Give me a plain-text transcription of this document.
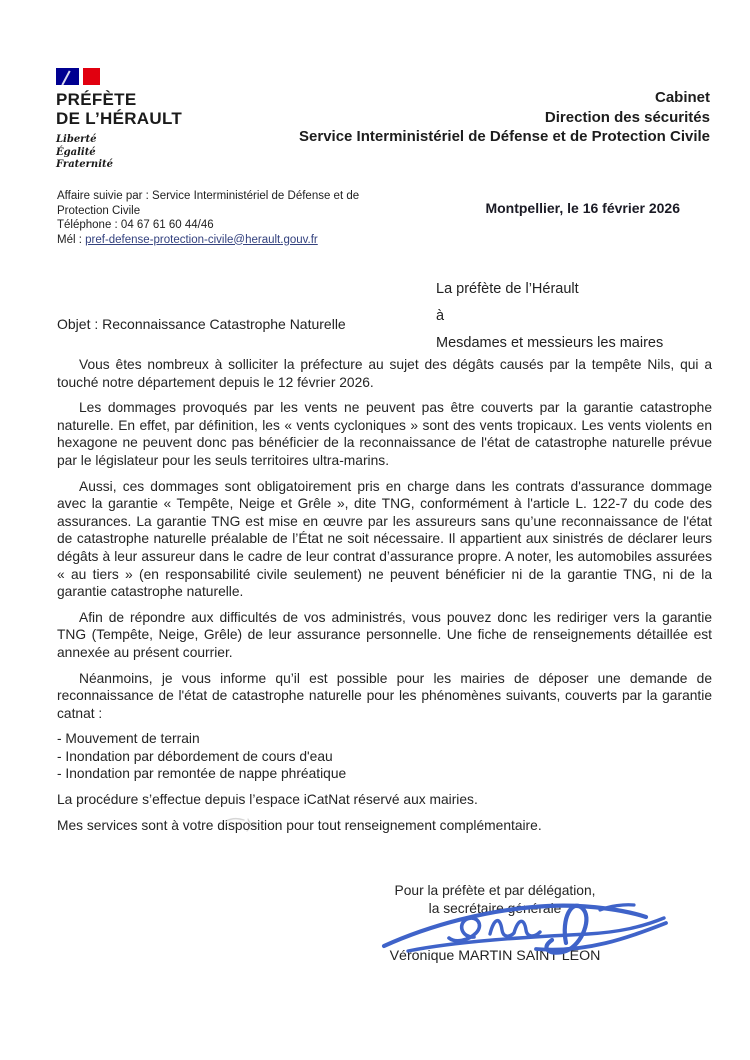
PRÉFÈTE
DE L’HÉRAULT
Liberté
Égalité
Fraternité
Cabinet
Direction des sécurités
Service Interministériel de Défense et de Protection Civile
Affaire suivie par : Service Interministériel de Défense et de Protection Civile
Téléphone : 04 67 61 60 44/46
Mél : pref-defense-protection-civile@herault.gouv.fr
Montpellier, le 16 février 2026
La préfète de l’Hérault
à
Mesdames et messieurs les maires
Objet : Reconnaissance Catastrophe Naturelle

Vous êtes nombreux à solliciter la préfecture au sujet des dégâts causés par la tempête Nils, qui a touché notre département depuis le 12 février 2026.

Les dommages provoqués par les vents ne peuvent pas être couverts par la garantie catastrophe naturelle. En effet, par définition, les « vents cycloniques » sont des vents tropicaux. Les vents violents en hexagone ne peuvent donc pas bénéficier de la reconnaissance de l'état de catastrophe naturelle prévue par le législateur pour les seuls territoires ultra-marins.

Aussi, ces dommages sont obligatoirement pris en charge dans les contrats d'assurance dommage avec la garantie « Tempête, Neige et Grêle », dite TNG, conformément à l'article L. 122-7 du code des assurances. La garantie TNG est mise en œuvre par les assureurs sans qu’une reconnaissance de l'état de catastrophe naturelle préalable de l’État ne soit nécessaire. Il appartient aux sinistrés de déclarer leurs dégâts à leur assureur dans le cadre de leur contrat d’assurance propre. A noter, les automobiles assurées « au tiers » (en responsabilité civile seulement) ne peuvent bénéficier ni de la garantie TNG, ni de la garantie catastrophe naturelle.

Afin de répondre aux difficultés de vos administrés, vous pouvez donc les rediriger vers la garantie TNG (Tempête, Neige, Grêle) de leur assurance personnelle. Une fiche de renseignements détaillée est annexée au présent courrier.

Néanmoins, je vous informe qu’il est possible pour les mairies de déposer une demande de reconnaissance de l'état de catastrophe naturelle pour les phénomènes suivants, couverts par la garantie catnat :

- Mouvement de terrain
- Inondation par débordement de cours d'eau
- Inondation par remontée de nappe phréatique

La procédure s’effectue depuis l’espace iCatNat réservé aux mairies.

Mes services sont à votre disposition pour tout renseignement complémentaire.

Pour la préfète et par délégation,
la secrétaire générale
Véronique MARTIN SAINT LÉON
